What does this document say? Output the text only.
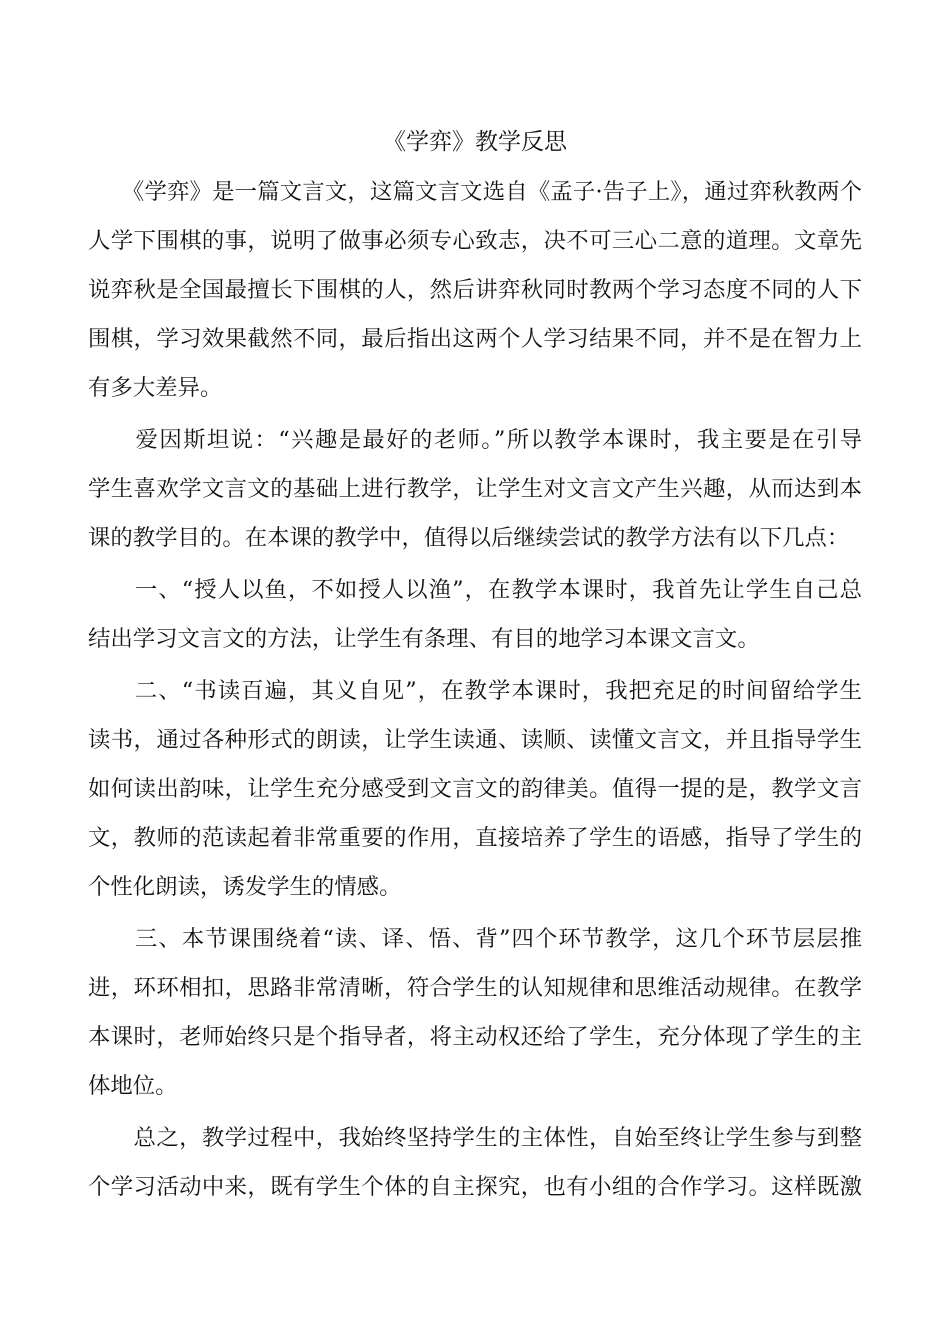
《学弈》教学反思
　　《学弈》是一篇文言文，这篇文言文选自《孟子·告子上》，通过弈秋教两个
人学下围棋的事，说明了做事必须专心致志，决不可三心二意的道理。文章先
说弈秋是全国最擅长下围棋的人，然后讲弈秋同时教两个学习态度不同的人下
围棋，学习效果截然不同，最后指出这两个人学习结果不同，并不是在智力上
有多大差异。
　　爱因斯坦说：“兴趣是最好的老师。”所以教学本课时，我主要是在引导
学生喜欢学文言文的基础上进行教学，让学生对文言文产生兴趣，从而达到本
课的教学目的。在本课的教学中，值得以后继续尝试的教学方法有以下几点：
　　一、“授人以鱼，不如授人以渔”，在教学本课时，我首先让学生自己总
结出学习文言文的方法，让学生有条理、有目的地学习本课文言文。
　　二、“书读百遍，其义自见”，在教学本课时，我把充足的时间留给学生
读书，通过各种形式的朗读，让学生读通、读顺、读懂文言文，并且指导学生
如何读出韵味，让学生充分感受到文言文的韵律美。值得一提的是，教学文言
文，教师的范读起着非常重要的作用，直接培养了学生的语感，指导了学生的
个性化朗读，诱发学生的情感。
　　三、本节课围绕着“读、译、悟、背”四个环节教学，这几个环节层层推
进，环环相扣，思路非常清晰，符合学生的认知规律和思维活动规律。在教学
本课时，老师始终只是个指导者，将主动权还给了学生，充分体现了学生的主
体地位。
　　总之，教学过程中，我始终坚持学生的主体性，自始至终让学生参与到整
个学习活动中来，既有学生个体的自主探究，也有小组的合作学习。这样既激
